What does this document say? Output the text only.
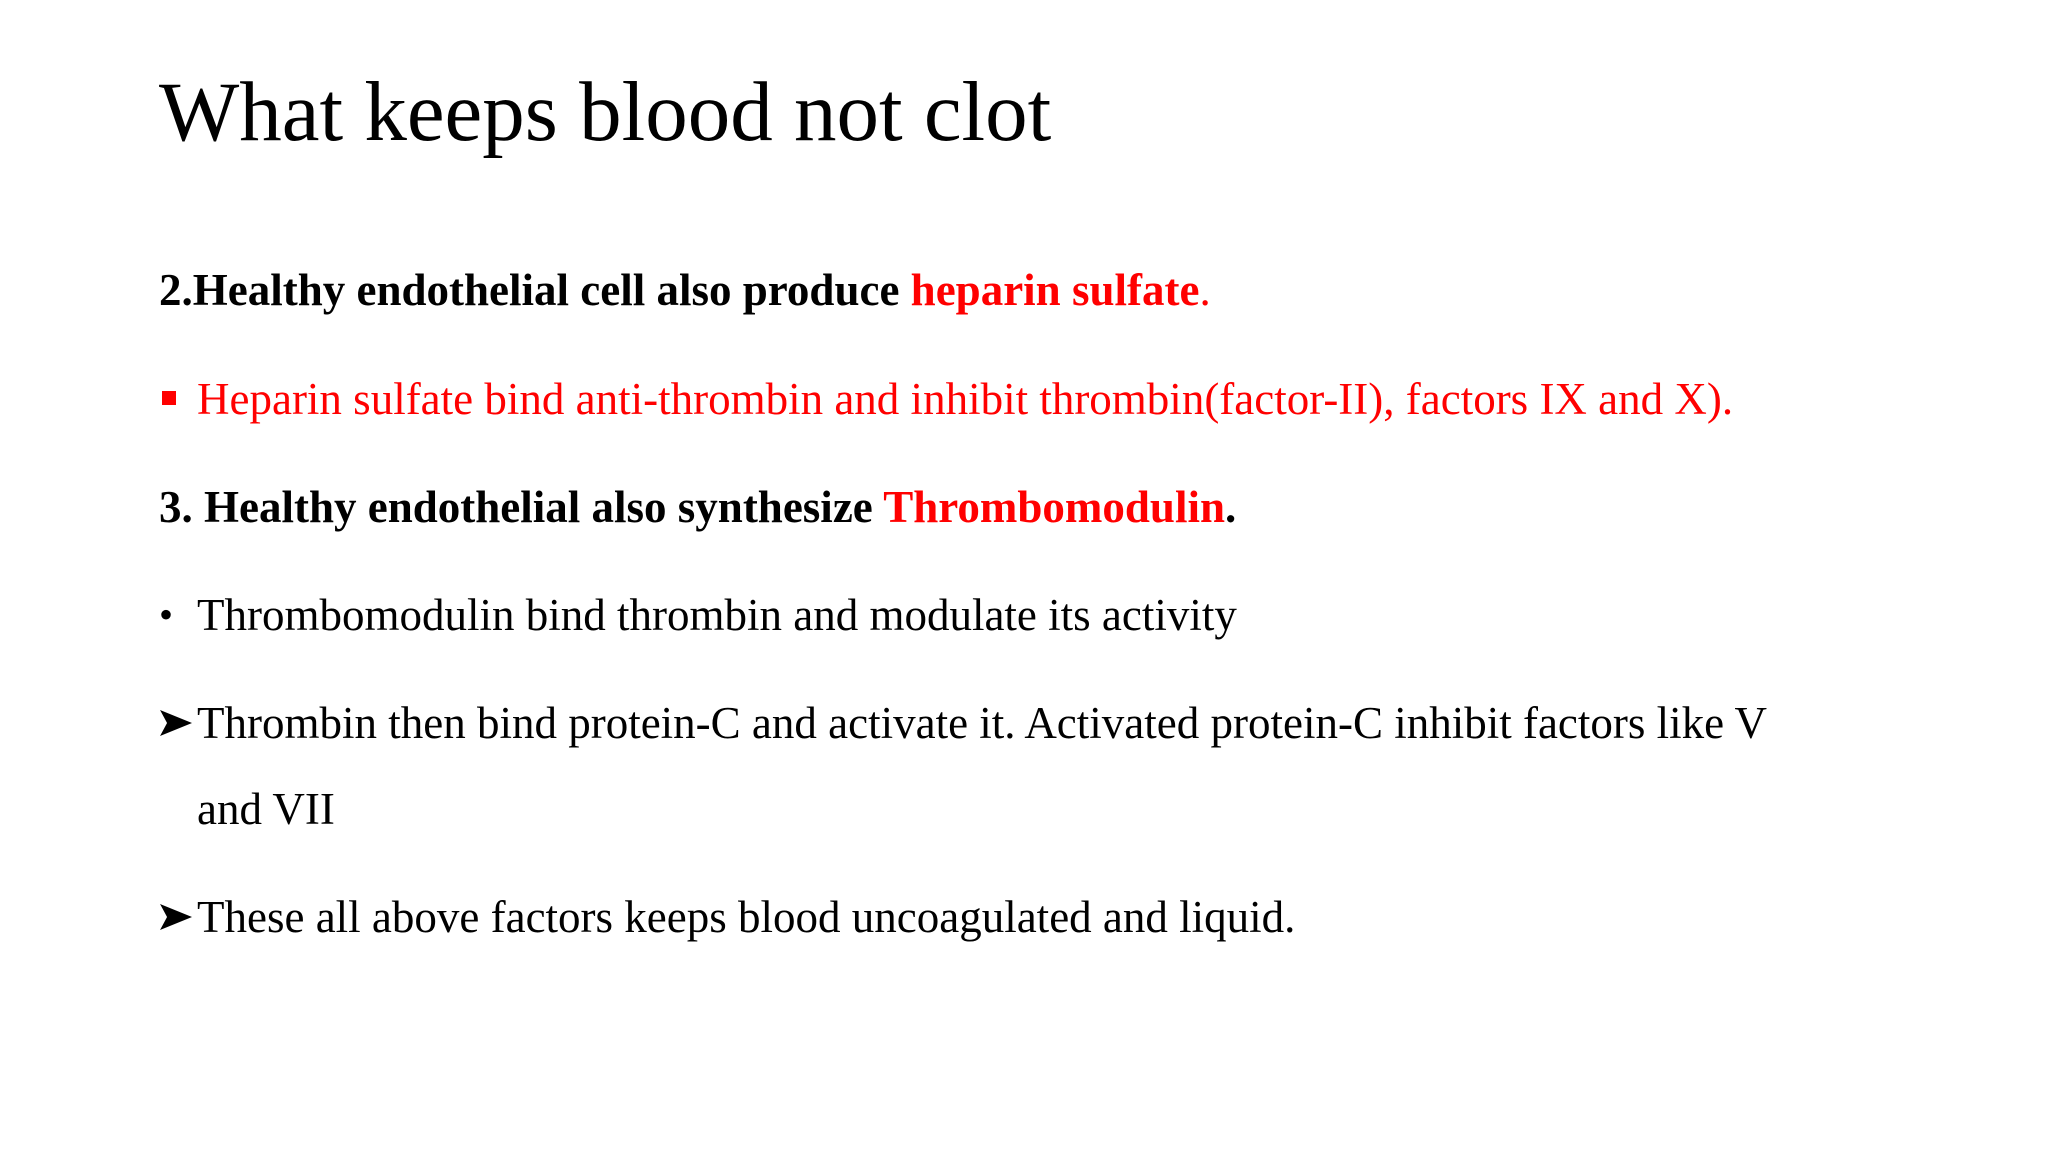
What keeps blood not clot
2.Healthy endothelial cell also produce heparin sulfate.
Heparin sulfate bind anti-thrombin and inhibit thrombin(factor-II), factors IX and X).
3. Healthy endothelial also synthesize Thrombomodulin.
• Thrombomodulin bind thrombin and modulate its activity
Thrombin then bind protein-C and activate it. Activated protein-C inhibit factors like V
and VII
These all above factors keeps blood uncoagulated and liquid.
